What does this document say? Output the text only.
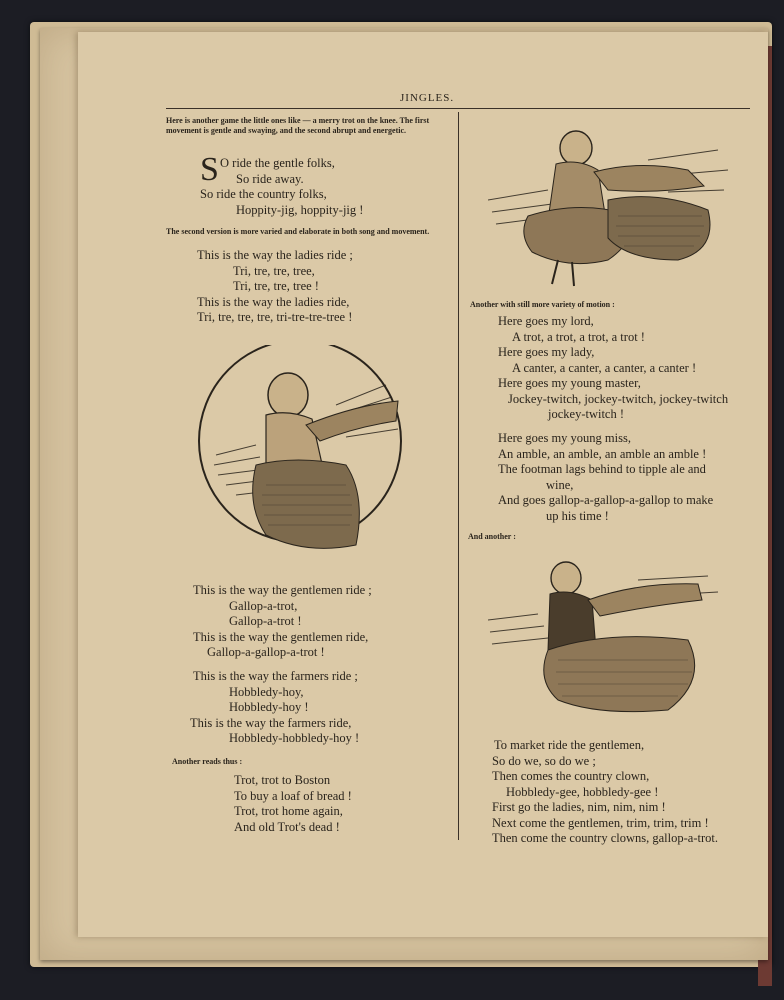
JINGLES.

Here is another game the little ones like — a merry trot on the knee. The first movement is gentle and swaying, and the second abrupt and energetic.

S O ride the gentle folks,

So ride away.

So ride the country folks,

Hoppity-jig, hoppity-jig !

The second version is more varied and elaborate in both song and movement.

This is the way the ladies ride ;

Tri, tre, tre, tree,

Tri, tre, tre, tree !

This is the way the ladies ride,

Tri, tre, tre, tre, tri-tre-tre-tree !

This is the way the gentlemen ride ;

Gallop-a-trot,

Gallop-a-trot !

This is the way the gentlemen ride,

Gallop-a-gallop-a-trot !

This is the way the farmers ride ;

Hobbledy-hoy,

Hobbledy-hoy !

This is the way the farmers ride,

Hobbledy-hobbledy-hoy !

Another reads thus :

Trot, trot to Boston

To buy a loaf of bread !

Trot, trot home again,

And old Trot's dead !

Another with still more variety of motion :

Here goes my lord,

A trot, a trot, a trot, a trot !

Here goes my lady,

A canter, a canter, a canter, a canter !

Here goes my young master,

Jockey-twitch, jockey-twitch, jockey-twitch

jockey-twitch !

Here goes my young miss,

An amble, an amble, an amble an amble !

The footman lags behind to tipple ale and

wine,

And goes gallop-a-gallop-a-gallop to make

up his time !

And another :

To market ride the gentlemen,

So do we, so do we ;

Then comes the country clown,

Hobbledy-gee, hobbledy-gee !

First go the ladies, nim, nim, nim !

Next come the gentlemen, trim, trim, trim !

Then come the country clowns, gallop-a-trot.
